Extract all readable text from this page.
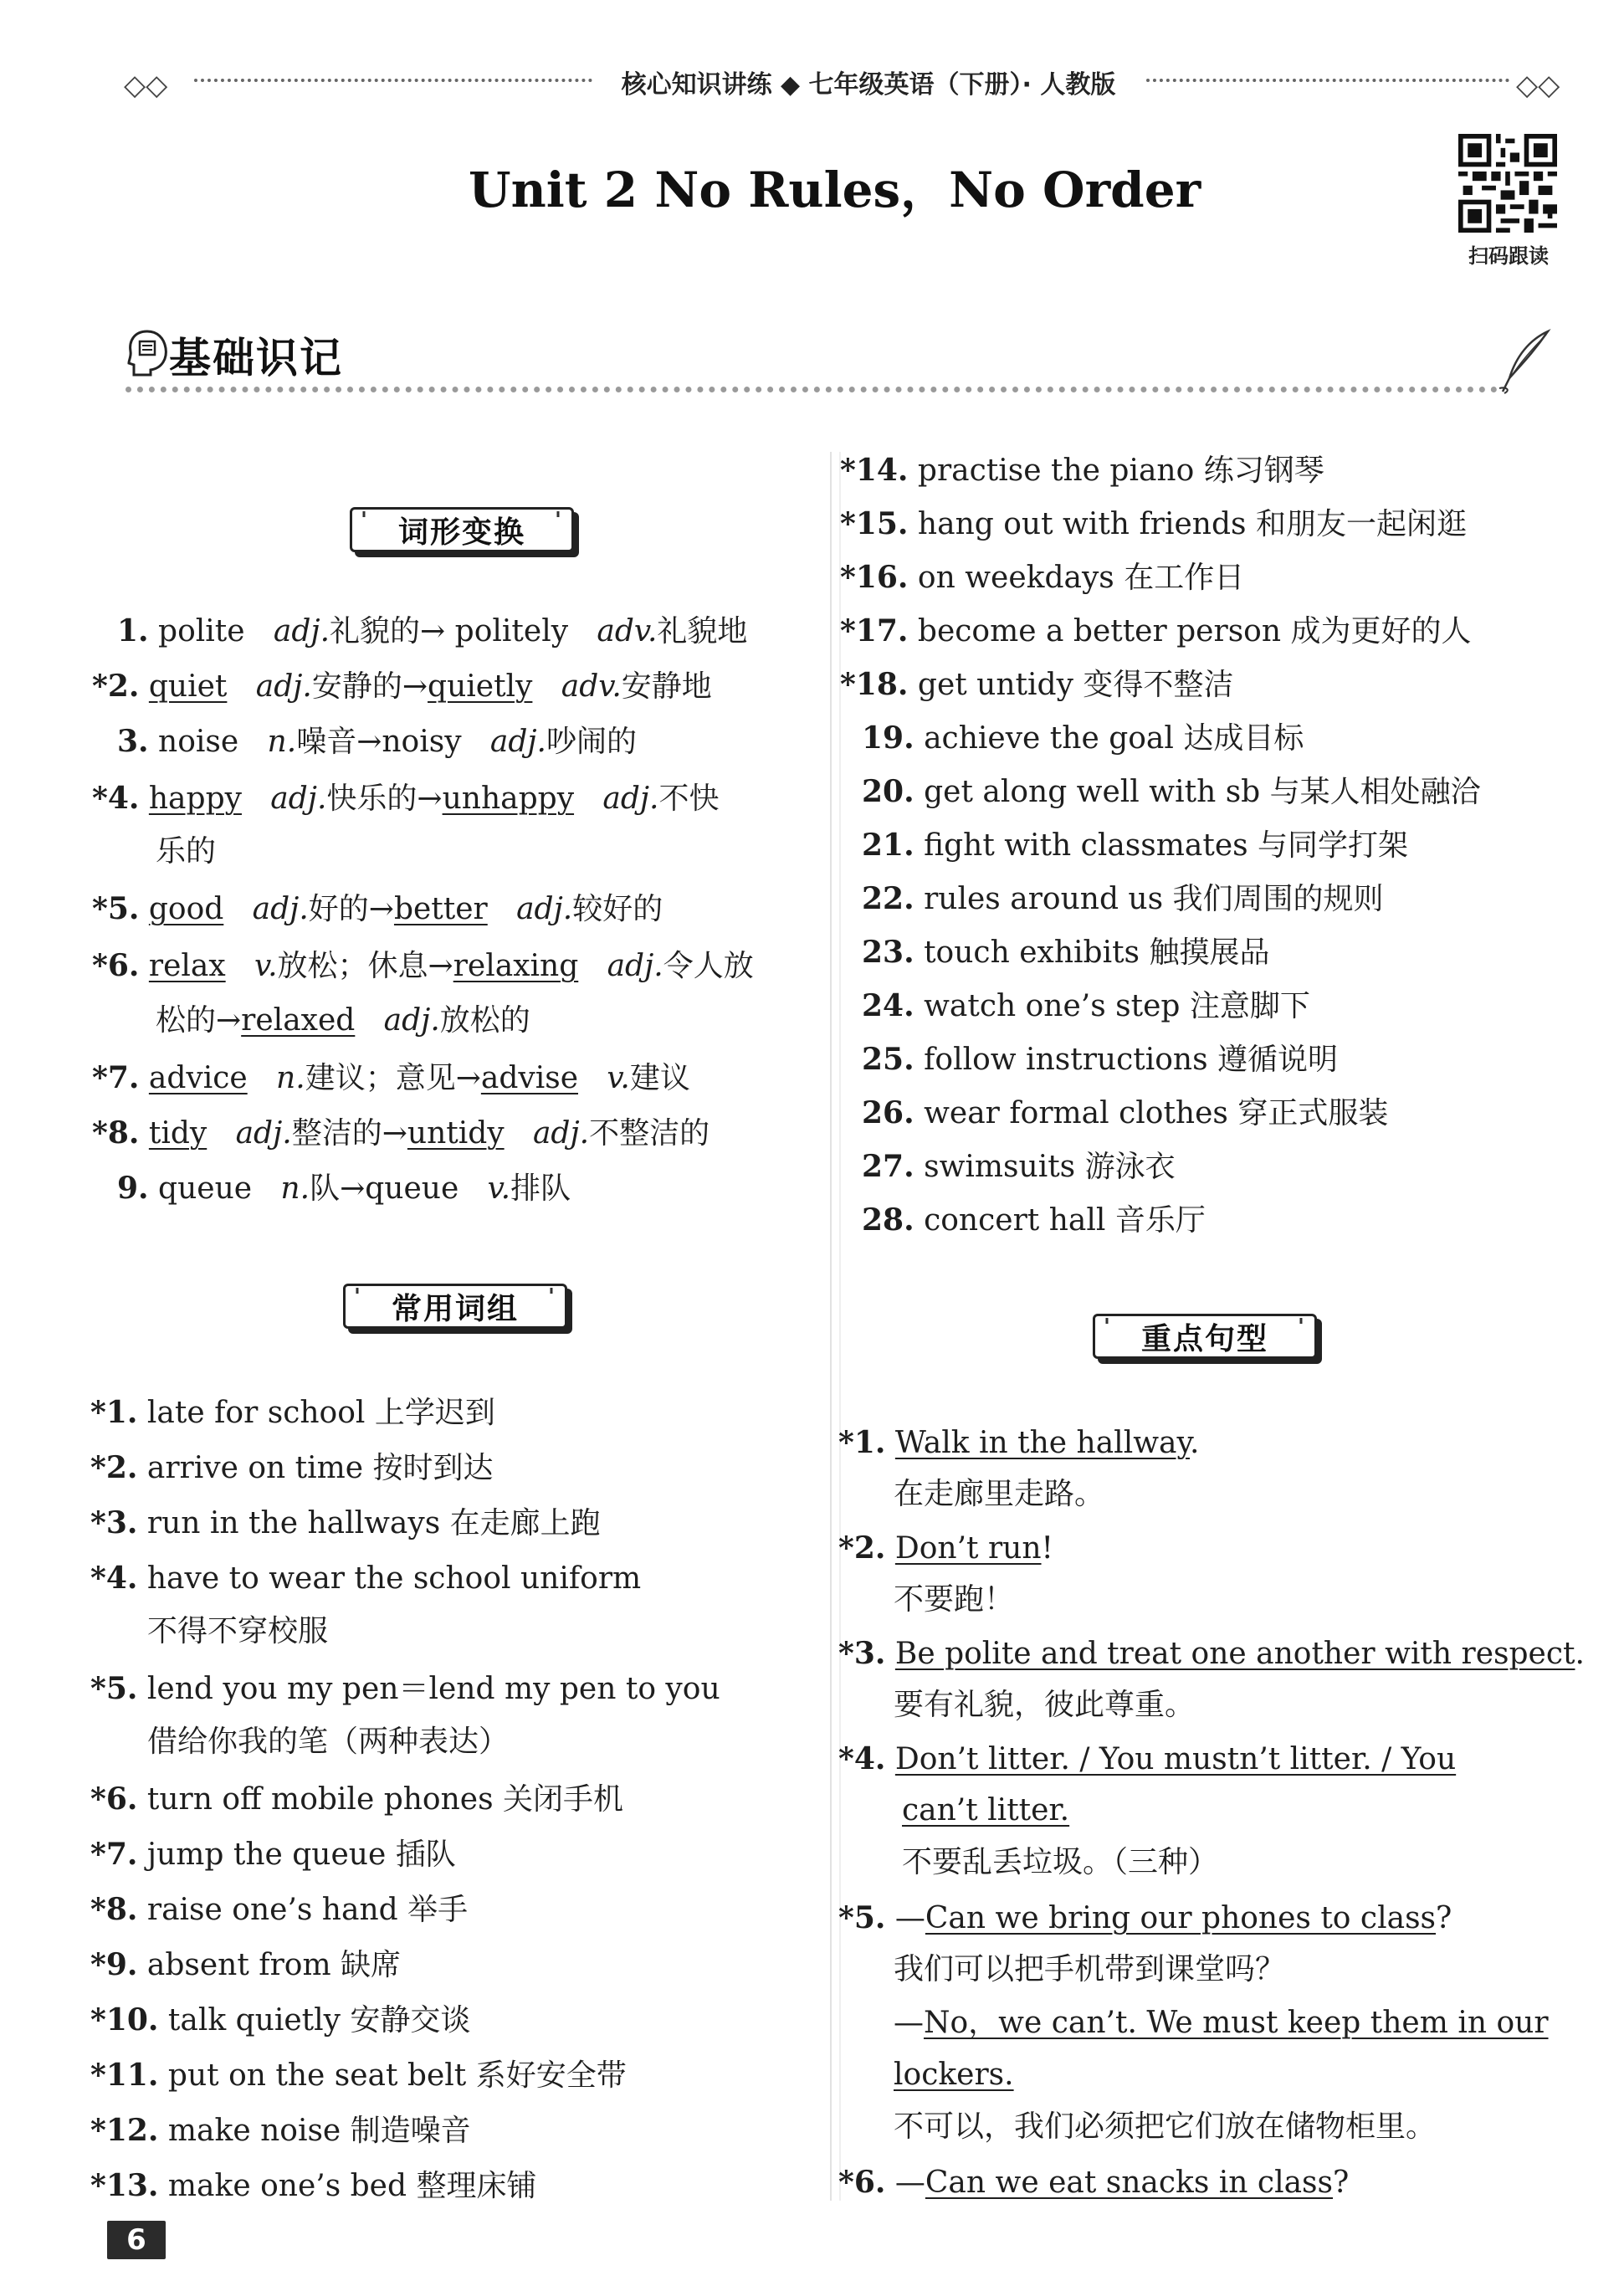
◇◇	核心知识讲练 ◆ 七年级英语（下册）· 人教版	◇◇
Unit 2 No Rules，No Order
扫码跟读
基础识记
' 词形变换 '
1. polite adj.礼貌的→ politely adv.礼貌地
*2. quiet adj.安静的→quietly adv.安静地
3. noise n.噪音→noisy adj.吵闹的
*4. happy adj.快乐的→unhappy adj.不快
乐的
*5. good adj.好的→better adj.较好的
*6. relax v.放松；休息→relaxing adj.令人放
松的→relaxed adj.放松的
*7. advice n.建议；意见→advise v.建议
*8. tidy adj.整洁的→untidy adj.不整洁的
9. queue n.队→queue v.排队
' 常用词组 '
*1. late for school 上学迟到
*2. arrive on time 按时到达
*3. run in the hallways 在走廊上跑
*4. have to wear the school uniform
不得不穿校服
*5. lend you my pen＝lend my pen to you
借给你我的笔（两种表达）
*6. turn off mobile phones 关闭手机
*7. jump the queue 插队
*8. raise one’s hand 举手
*9. absent from 缺席
*10. talk quietly 安静交谈
*11. put on the seat belt 系好安全带
*12. make noise 制造噪音
*13. make one’s bed 整理床铺
*14. practise the piano 练习钢琴
*15. hang out with friends 和朋友一起闲逛
*16. on weekdays 在工作日
*17. become a better person 成为更好的人
*18. get untidy 变得不整洁
19. achieve the goal 达成目标
20. get along well with sb 与某人相处融洽
21. fight with classmates 与同学打架
22. rules around us 我们周围的规则
23. touch exhibits 触摸展品
24. watch one’s step 注意脚下
25. follow instructions 遵循说明
26. wear formal clothes 穿正式服装
27. swimsuits 游泳衣
28. concert hall 音乐厅
' 重点句型 '
*1. Walk in the hallway.
在走廊里走路。
*2. Don’t run!
不要跑！
*3. Be polite and treat one another with respect.
要有礼貌，彼此尊重。
*4. Don’t litter. / You mustn’t litter. / You
can’t litter.
不要乱丢垃圾。（三种）
*5. —Can we bring our phones to class?
我们可以把手机带到课堂吗？
—No，we can’t. We must keep them in our
lockers.
不可以，我们必须把它们放在储物柜里。
*6. —Can we eat snacks in class?
6
